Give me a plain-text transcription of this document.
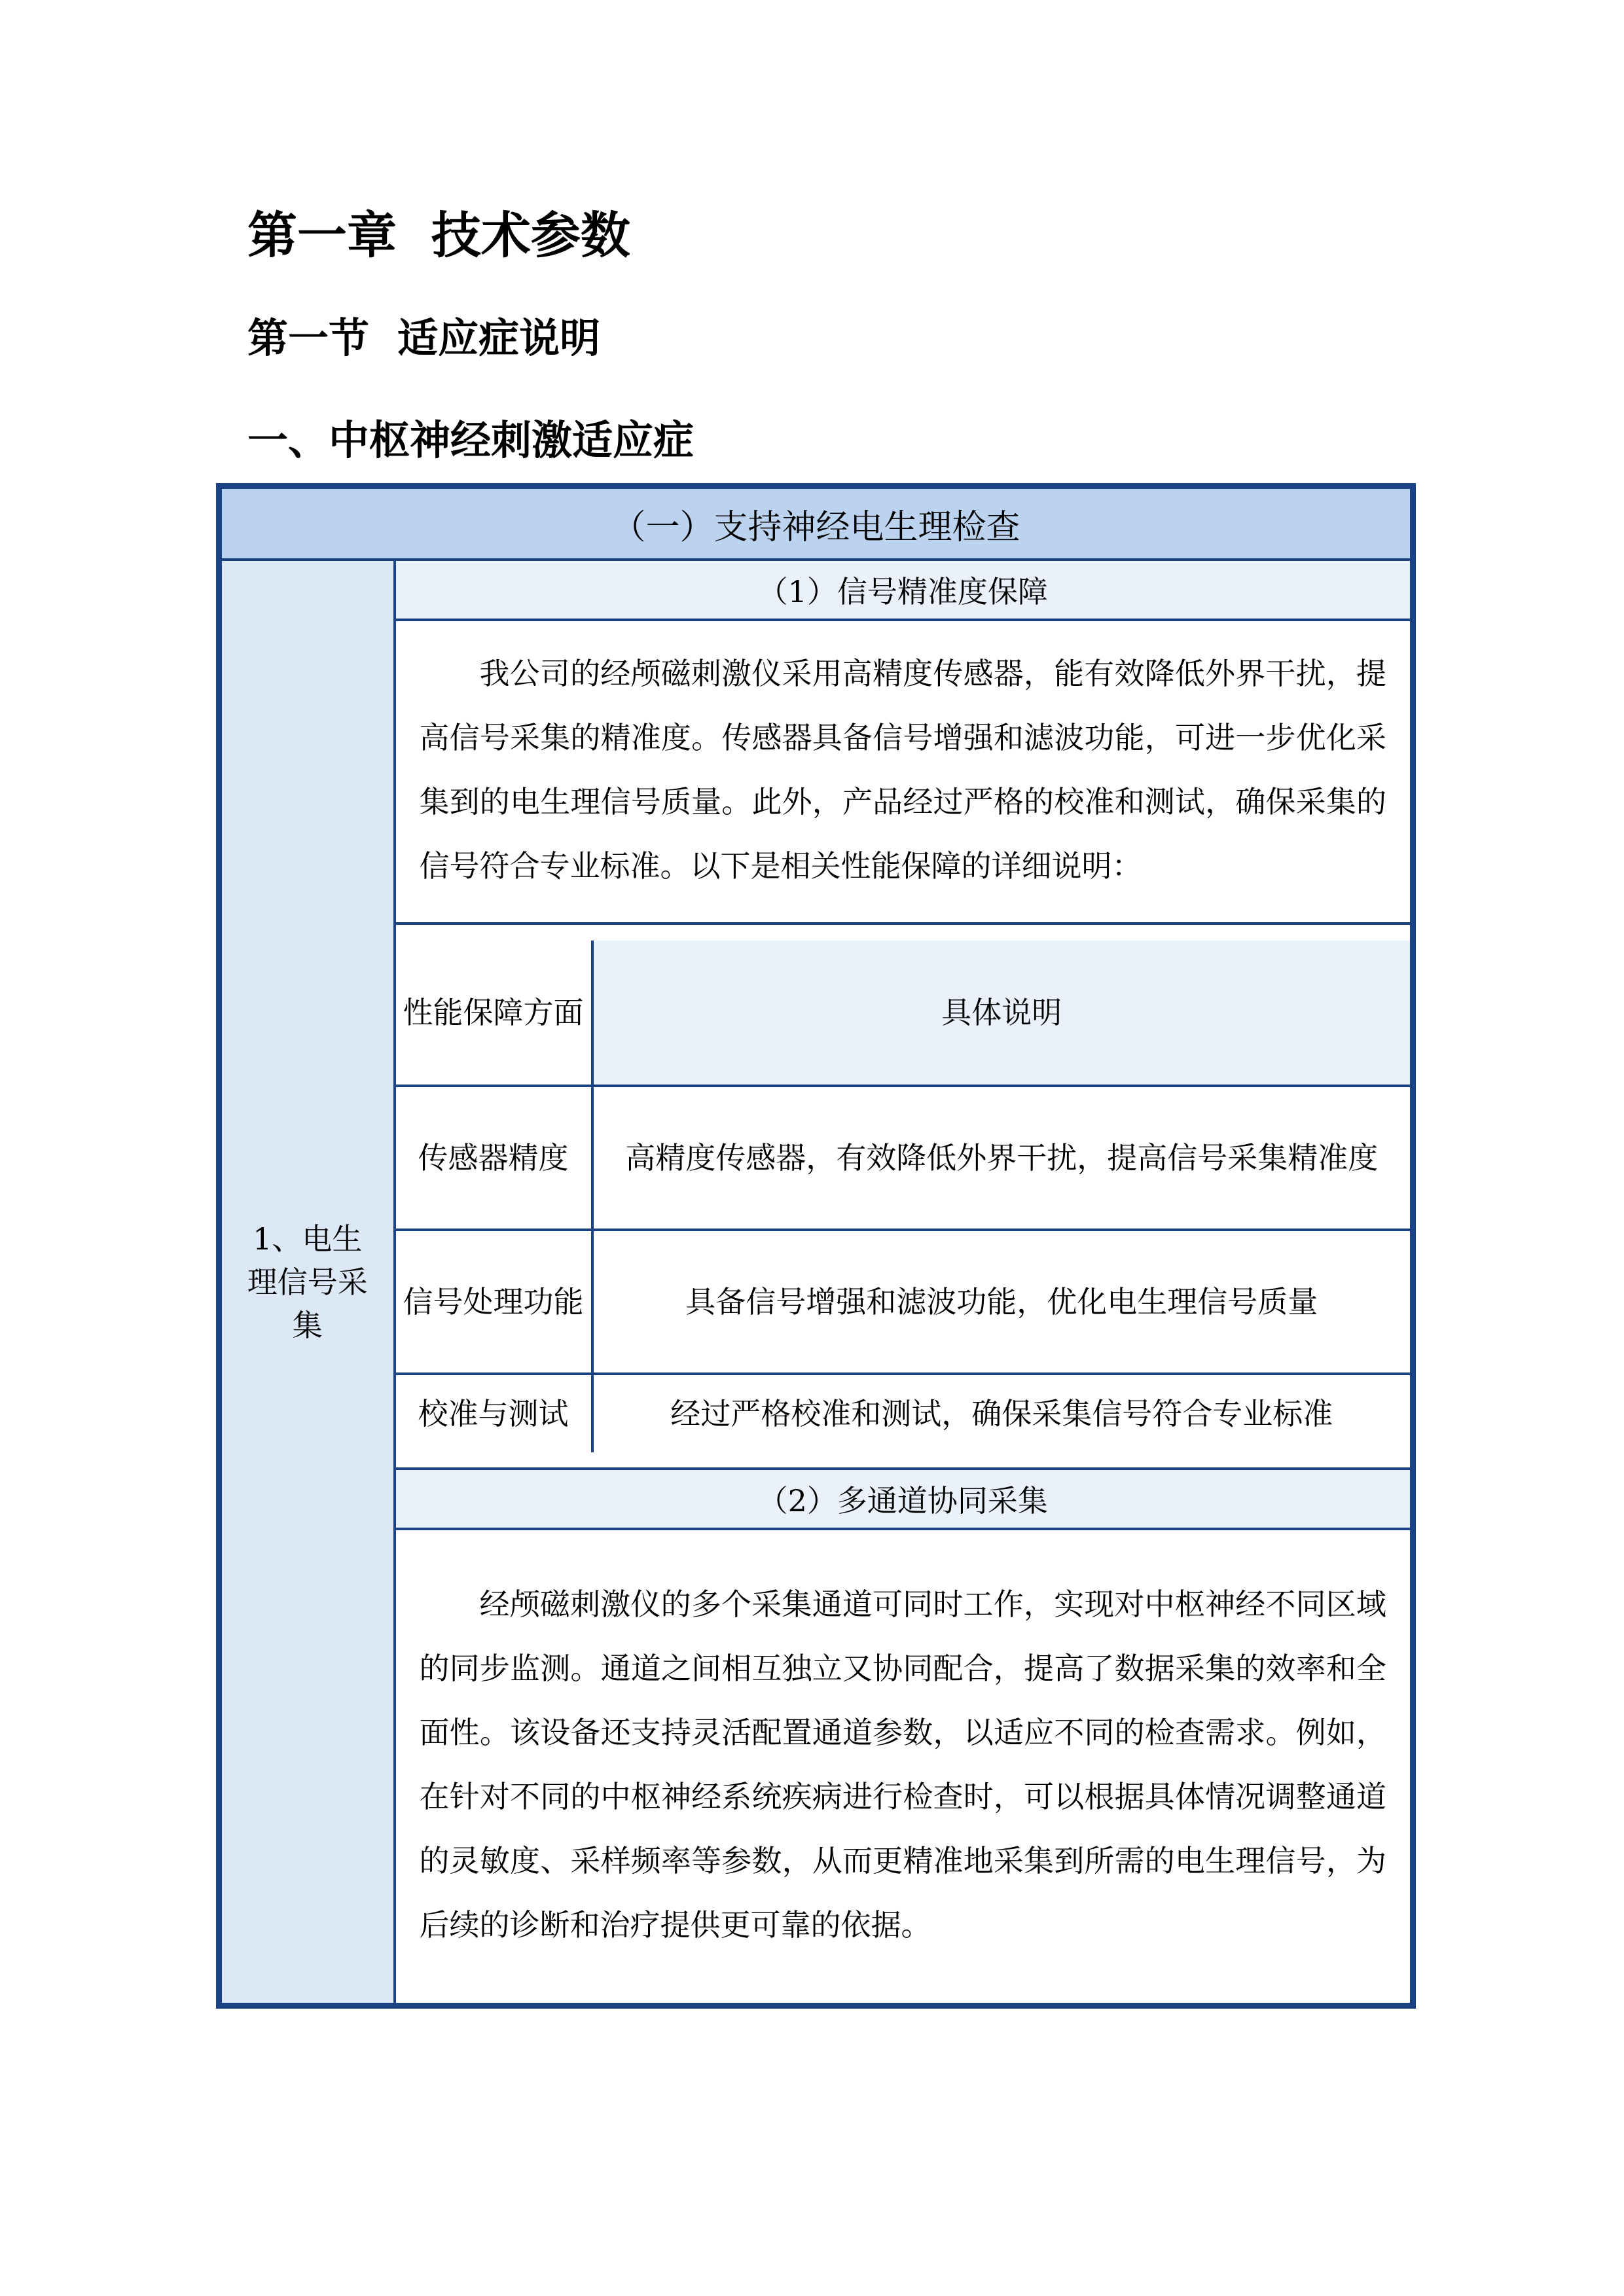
第一章  技术参数
第一节  适应症说明
一、中枢神经刺激适应症
（一）支持神经电生理检查
1、电生理信号采集	（1）信号精准度保障
我公司的经颅磁刺激仪采用高精度传感器，能有效降低外界干扰，提高信号采集的精准度。传感器具备信号增强和滤波功能，可进一步优化采集到的电生理信号质量。此外，产品经过严格的校准和测试，确保采集的信号符合专业标准。以下是相关性能保障的详细说明：

性能保障方面	具体说明
传感器精度	高精度传感器，有效降低外界干扰，提高信号采集精准度
信号处理功能	具备信号增强和滤波功能，优化电生理信号质量
校准与测试	经过严格校准和测试，确保采集信号符合专业标准

（2）多通道协同采集
经颅磁刺激仪的多个采集通道可同时工作，实现对中枢神经不同区域的同步监测。通道之间相互独立又协同配合，提高了数据采集的效率和全面性。该设备还支持灵活配置通道参数，以适应不同的检查需求。例如，在针对不同的中枢神经系统疾病进行检查时，可以根据具体情况调整通道的灵敏度、采样频率等参数，从而更精准地采集到所需的电生理信号，为后续的诊断和治疗提供更可靠的依据。
